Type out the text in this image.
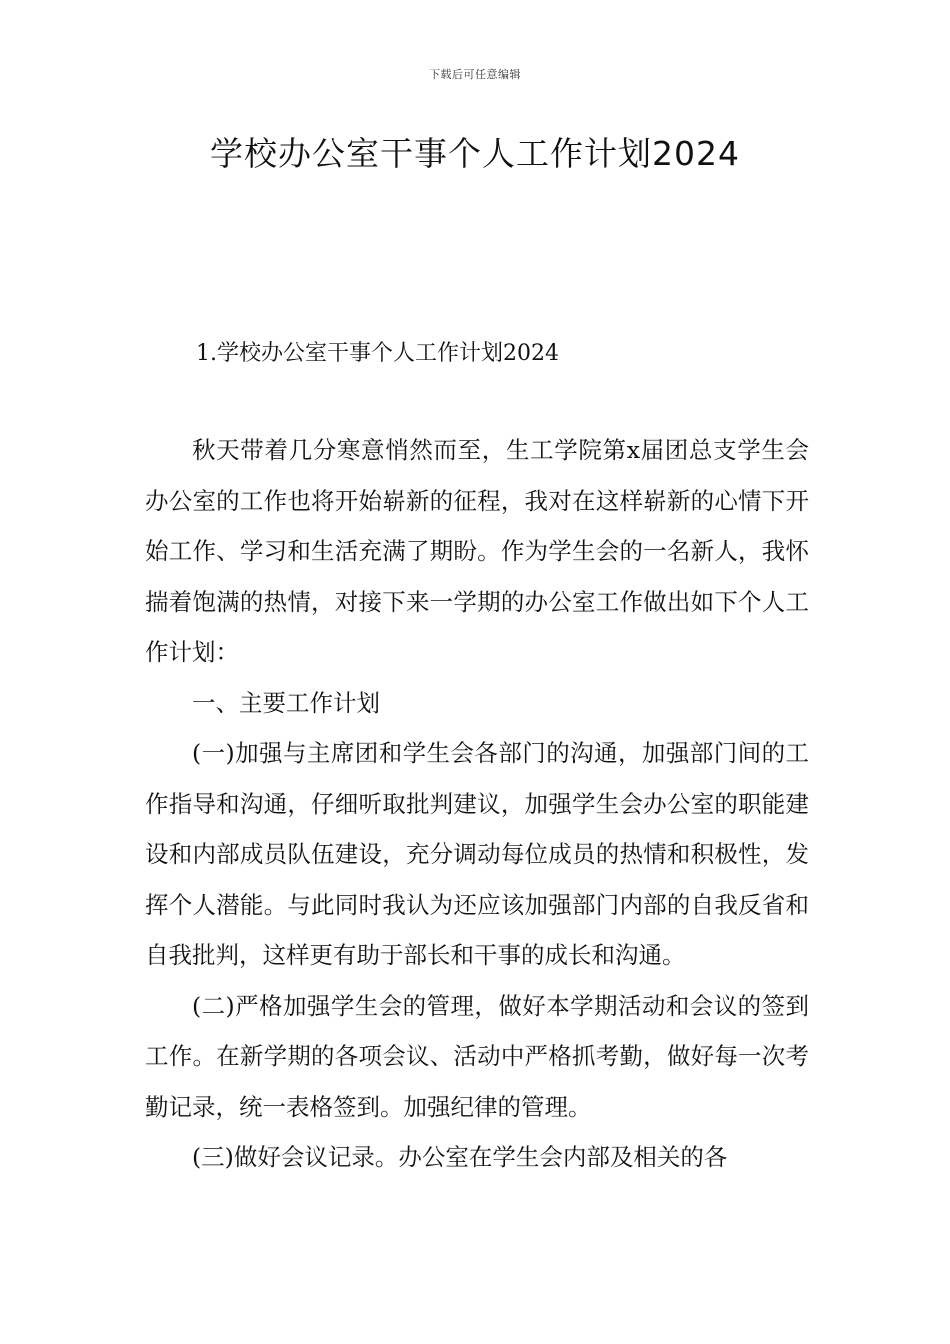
下载后可任意编辑
学校办公室干事个人工作计划2024
1.学校办公室干事个人工作计划2024

秋天带着几分寒意悄然而至，生工学院第x届团总支学生会办公室的工作也将开始崭新的征程，我对在这样崭新的心情下开始工作、学习和生活充满了期盼。作为学生会的一名新人，我怀揣着饱满的热情，对接下来一学期的办公室工作做出如下个人工作计划：

一、主要工作计划

(一)加强与主席团和学生会各部门的沟通，加强部门间的工作指导和沟通，仔细听取批判建议，加强学生会办公室的职能建设和内部成员队伍建设，充分调动每位成员的热情和积极性，发挥个人潜能。与此同时我认为还应该加强部门内部的自我反省和自我批判，这样更有助于部长和干事的成长和沟通。

(二)严格加强学生会的管理，做好本学期活动和会议的签到工作。在新学期的各项会议、活动中严格抓考勤，做好每一次考勤记录，统一表格签到。加强纪律的管理。

(三)做好会议记录。办公室在学生会内部及相关的各
